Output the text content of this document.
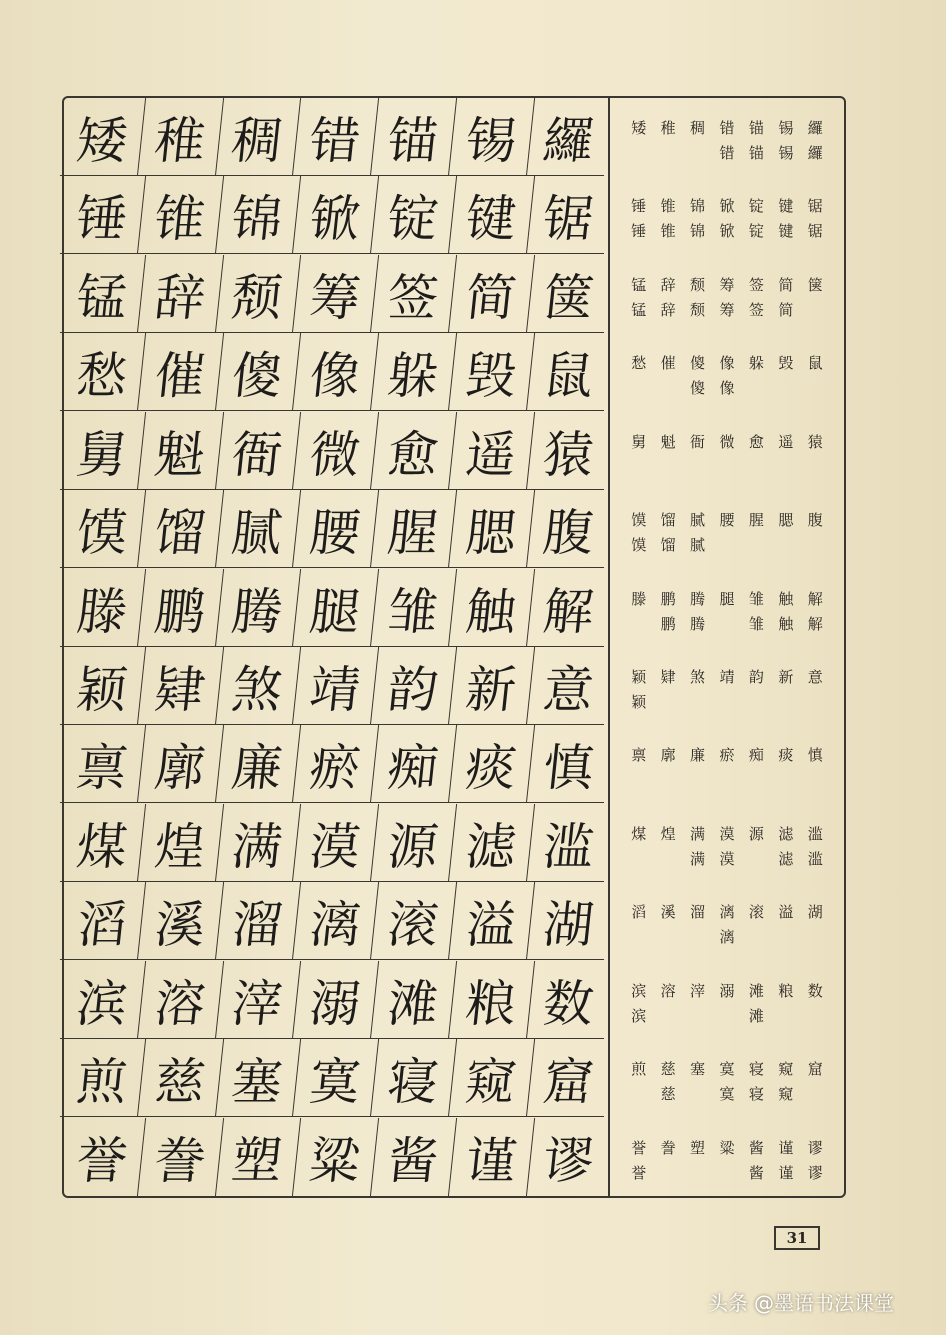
矮 稚 稠 错 锚 锡 纙
锤 锥 锦 锨 锭 键 锯
锰 辞 颓 筹 签 简 箧
愁 催 傻 像 躲 毁 鼠
舅 魁 衙 微 愈 遥 猿
馍 馏 腻 腰 腥 腮 腹
滕 鹏 腾 腿 雏 触 解
颖 肄 煞 靖 韵 新 意
禀 廓 廉 瘀 痴 痰 慎
煤 煌 满 漠 源 滤 滥
滔 溪 溜 漓 滚 溢 湖
滨 溶 滓 溺 滩 粮 数
煎 慈 塞 寞 寝 窥 窟
誉 誊 塑 粱 酱 谨 谬
矮 稚 稠 错
错
锚
锚
锡
锡
纙
纙
锤
锤
锥
锥
锦
锦
锨
锨
锭
锭
键
键
锯
锯
锰
锰
辞
辞
颓
颓
筹
筹
签
签
简
简
箧
愁 催 傻
傻
像
像
躲 毁 鼠
舅 魁 衙 微 愈 遥 猿
馍
馍
馏
馏
腻
腻
腰 腥 腮 腹
滕 鹏
鹏
腾
腾
腿 雏
雏
触
触
解
解
颖
颖
肄 煞 靖 韵 新 意
禀 廓 廉 瘀 痴 痰 慎
煤 煌 满
满
漠
漠
源 滤
滤
滥
滥
滔 溪 溜 漓
漓
滚 溢 湖
滨
滨
溶 滓 溺 滩
滩
粮 数
煎 慈
慈
塞 寞
寞
寝
寝
窥
窥
窟
誉
誉
誊 塑 粱 酱
酱
谨
谨
谬
谬
31
头条 @墨语书法课堂
